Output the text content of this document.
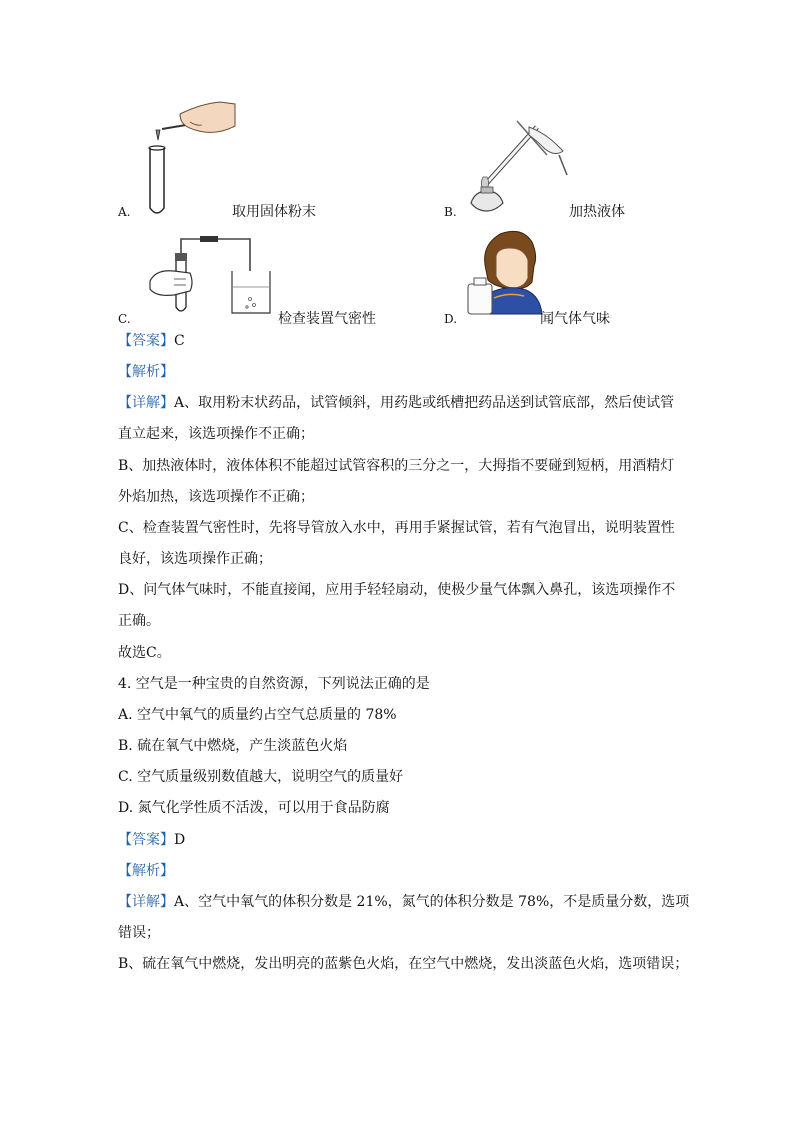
A.	取用固体粉末	B.	加热液体
C.	检查装置气密性	D.	闻气体气味
【答案】C
【解析】
【详解】A、取用粉末状药品，试管倾斜，用药匙或纸槽把药品送到试管底部，然后使试管
直立起来，该选项操作不正确；
B、加热液体时，液体体积不能超过试管容积的三分之一，大拇指不要碰到短柄，用酒精灯
外焰加热，该选项操作不正确；
C、检查装置气密性时，先将导管放入水中，再用手紧握试管，若有气泡冒出，说明装置性
良好，该选项操作正确；
D、问气体气味时，不能直接闻，应用手轻轻扇动，使极少量气体飘入鼻孔，该选项操作不
正确。
故选C。
4. 空气是一种宝贵的自然资源，下列说法正确的是
A. 空气中氧气的质量约占空气总质量的 78%
B. 硫在氧气中燃烧，产生淡蓝色火焰
C. 空气质量级别数值越大，说明空气的质量好
D. 氮气化学性质不活泼，可以用于食品防腐
【答案】D
【解析】
【详解】A、空气中氧气的体积分数是 21%，氮气的体积分数是 78%，不是质量分数，选项
错误；
B、硫在氧气中燃烧，发出明亮的蓝紫色火焰，在空气中燃烧，发出淡蓝色火焰，选项错误；
